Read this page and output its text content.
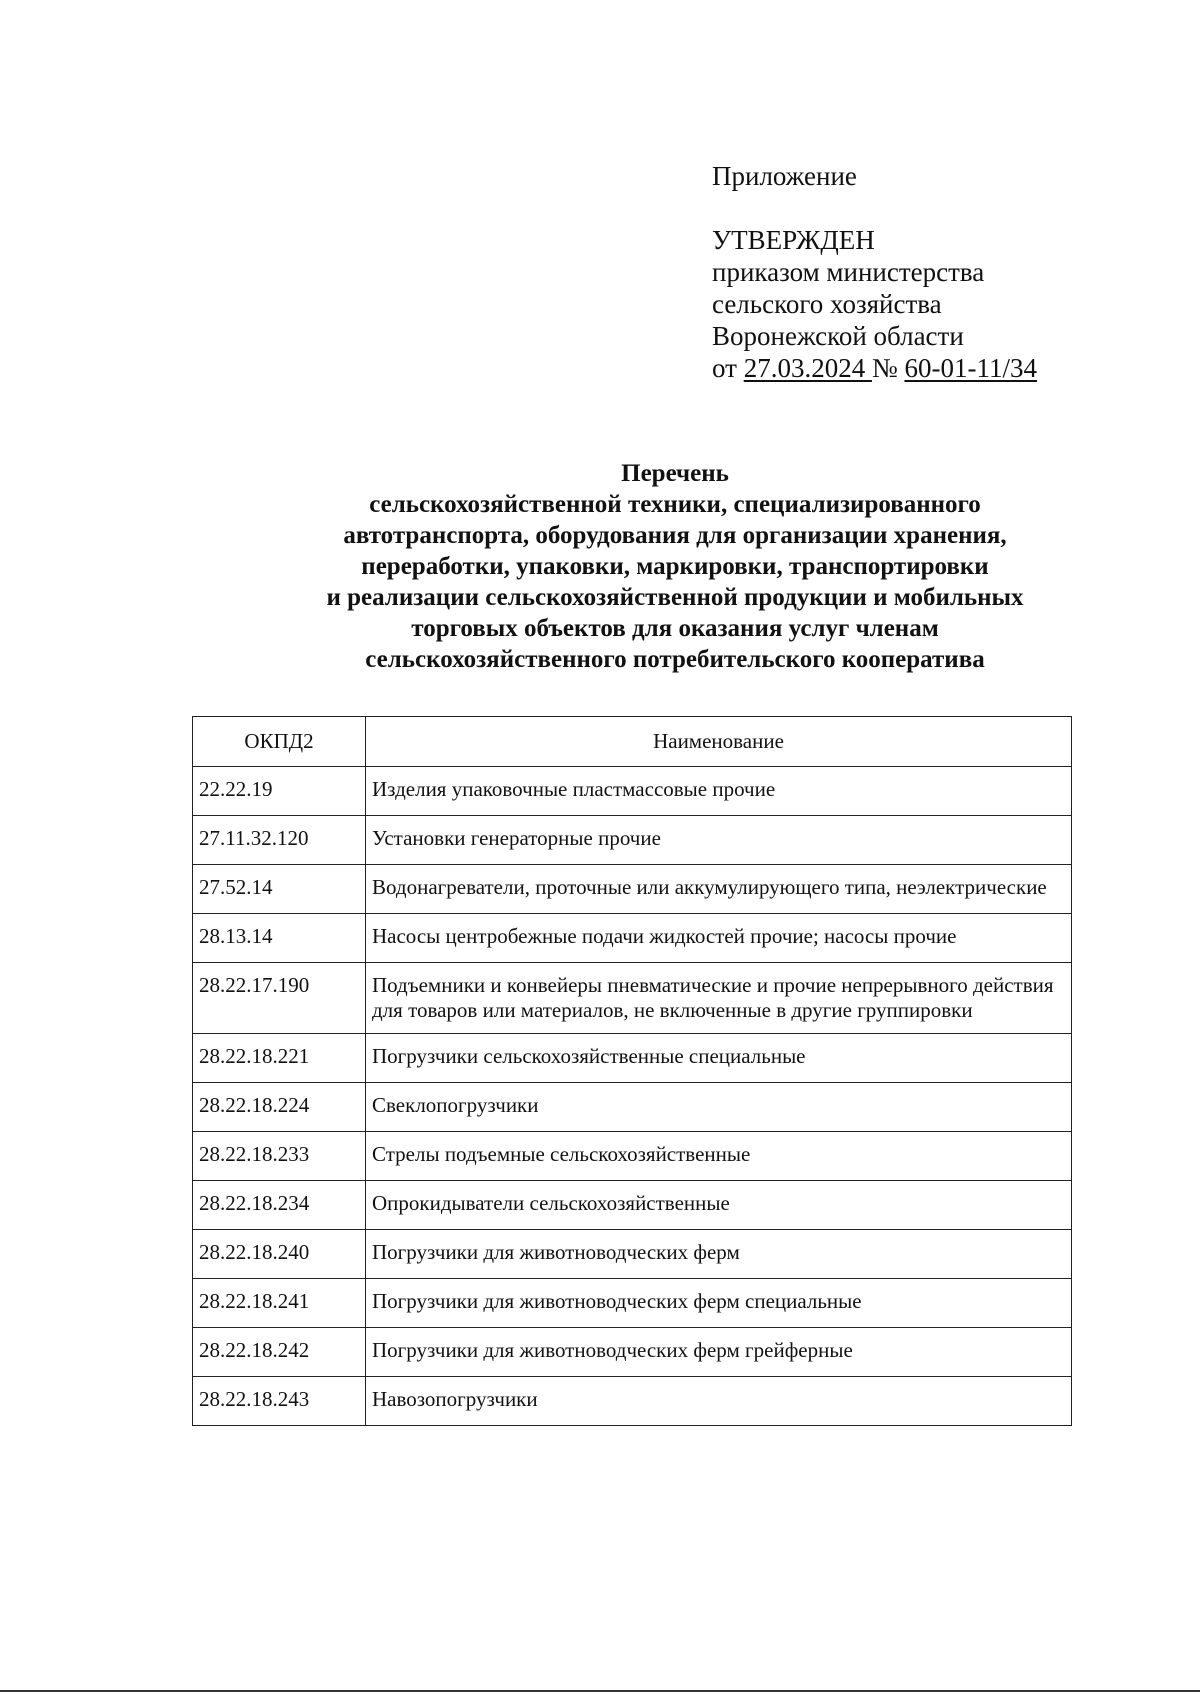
Приложение
УТВЕРЖДЕН
приказом министерства
сельского хозяйства
Воронежской области
от 27.03.2024 № 60-01-11/34
Перечень
сельскохозяйственной техники, специализированного
автотранспорта, оборудования для организации хранения,
переработки, упаковки, маркировки, транспортировки
и реализации сельскохозяйственной продукции и мобильных
торговых объектов для оказания услуг членам
сельскохозяйственного потребительского кооператива
ОКПД2	Наименование
22.22.19	Изделия упаковочные пластмассовые прочие
27.11.32.120	Установки генераторные прочие
27.52.14	Водонагреватели, проточные или аккумулирующего типа, неэлектрические
28.13.14	Насосы центробежные подачи жидкостей прочие; насосы прочие
28.22.17.190	Подъемники и конвейеры пневматические и прочие непрерывного действия для товаров или материалов, не включенные в другие группировки
28.22.18.221	Погрузчики сельскохозяйственные специальные
28.22.18.224	Свеклопогрузчики
28.22.18.233	Стрелы подъемные сельскохозяйственные
28.22.18.234	Опрокидыватели сельскохозяйственные
28.22.18.240	Погрузчики для животноводческих ферм
28.22.18.241	Погрузчики для животноводческих ферм специальные
28.22.18.242	Погрузчики для животноводческих ферм грейферные
28.22.18.243	Навозопогрузчики
